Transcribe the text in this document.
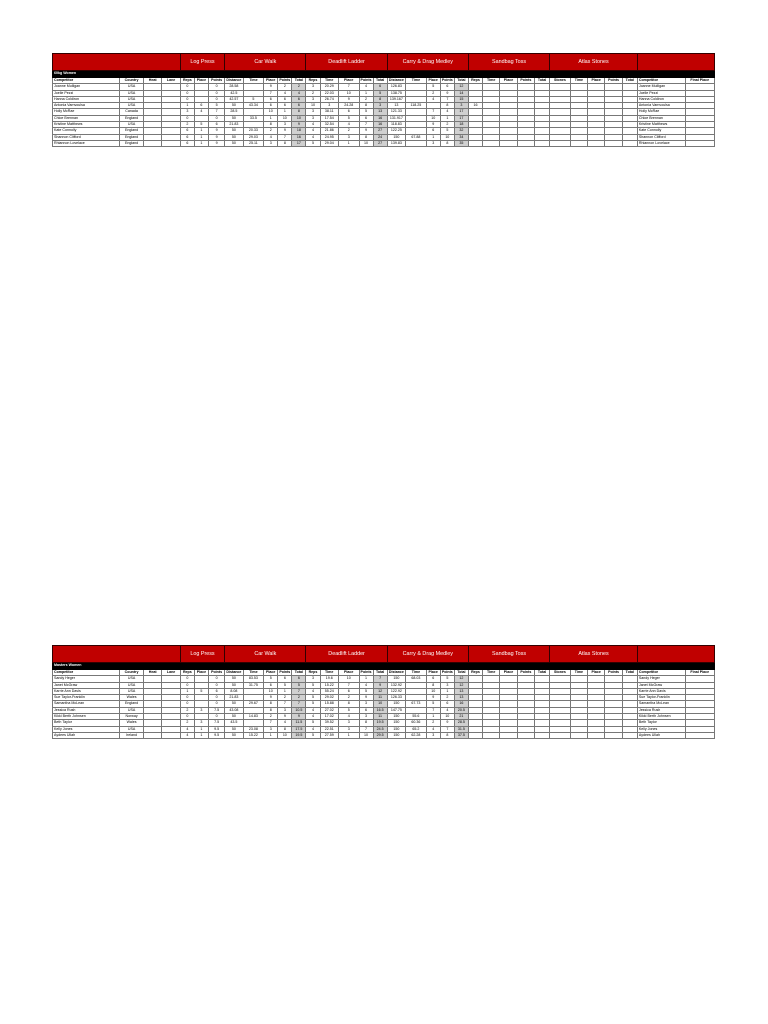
				Log Press			Car Walk					Deadlift Ladder					Carry & Drag Medley					Sandbag Toss					Atlas Stones						
60kg Women																																	
Competitor	Country	Heat	Lane	Reps	Place	Points	Distance	Time	Place	Points	Total	Reps	Time	Place	Points	Total	Distance	Time	Place	Points	Total	Reps	Time	Place	Points	Total	Stones	Time	Place	Points	Total	Competitor	Final Place
Joanne Mulligan	USA			0		0	28.58		9	2	2	3	20.29	7	4	6	126.83		5	6	12											Joanne Mulligan	
Joelle Pezzi	USA			0		0	42.5		7	4	4	2	22.03	10	1	5	138.75		2	9	14											Joelle Pezzi	
Hanna Coldiron	USA			0		0	42.57	5	6	6	6	3	26.74	9	2	8	139.167		4	7	15											Hanna Coldiron	
Antonia Varnvoulsa	USA			1	6	5	50	43.34	6	6	6	10	3	24.28	8	3	13	118.25		8	3	16										Antonia Varnvoulsa	
Holly McRae	Canada			3	4	7	28.5		10	1	8	3	38.11	6	5	13	121.33		7	4	17											Holly McRae	
Chloe Brennan	England			0		0	50	33.5	1	10	10	3	17.54	5	6	16	131.917		10	1	17											Chloe Brennan	
Kristine Matthews	USA			2	5	6	21.83		8	3	9	4	32.54	4	7	16	118.83		9	2	18											Kristine Matthews	
Kate Connolly	England			6	1	9	50	20.33	2	9	18	4	21.86	2	9	27	122.25		6	5	32											Kate Connolly	
Shannon Clifford	England			6	1	9	50	29.03	4	7	16	4	24.95	3	8	24	150	67.88	1	10	34											Shannon Clifford	
Rhiannon Lovelace	England			6	1	9	50	25.11	3	8	17	5	29.04	1	10	27	139.83		3	8	35											Rhiannon Lovelace	
				Log Press			Car Walk					Deadlift Ladder					Carry & Drag Medley					Sandbag Toss					Atlas Stones						
Masters Women																																	
Competitor	Country	Heat	Lane	Reps	Place	Points	Distance	Time	Place	Points	Total	Reps	Time	Place	Points	Total	Distance	Time	Place	Points	Total	Reps	Time	Place	Points	Total	Stones	Time	Place	Points	Total	Competitor	Final Place
Sandy Heger	USA			0		0	50	83.53	5	6	6	3	19.6	10	1	7	150	68.03	6	5	12											Sandy Heger	
Janet McGraw	USA			0		0	50	31.75	6	5	5	5	15.22	7	4	9	132.92		8	3	12											Janet McGraw	
Karrie Ann Davis	USA			1	5	6	8.08		10	1	7	4	55.24	6	5	12	122.92		10	1	13											Karrie Ann Davis	
Sue Taylor-Franklin	Wales			0		0	21.83		9	2	2	5	29.02	2	9	11	126.33		9	2	13											Sue Taylor-Franklin	
Samantha McLean	England			0		0	50	29.67	8	7	7	5	15.88	8	3	10	150	67.73	5	6	16											Samantha McLean	
Jessica Rush	USA			2	3	7.5	43.08		8	3	10.5	4	27.02	5	6	16.5	147.75		7	4	20.5											Jessica Rush	
Kikki Berth Johnsen	Norway			0		0	50	14.83	2	9	9	4	17.02	4	3	11	150	55.6	1	10	21											Kikki Berth Johnsen	
Beth Taylor	Wales			2	3	7.5	43.5		7	4	11.5	5	39.52	3	8	19.5	150	60.36	2	9	28.5											Beth Taylor	
Kelly Jones	USA			4	1	9.5	50	23.08	3	8	17.5	4	22.51	3	7	24.5	150	65.2	4	7	31.5											Kelly Jones	
Aydees Ullah	Ireland			4	1	9.5	50	15.22	1	10	19.5	5	27.59	1	10	29.5	150	62.28	3	8	37.5											Aydees Ullah	
